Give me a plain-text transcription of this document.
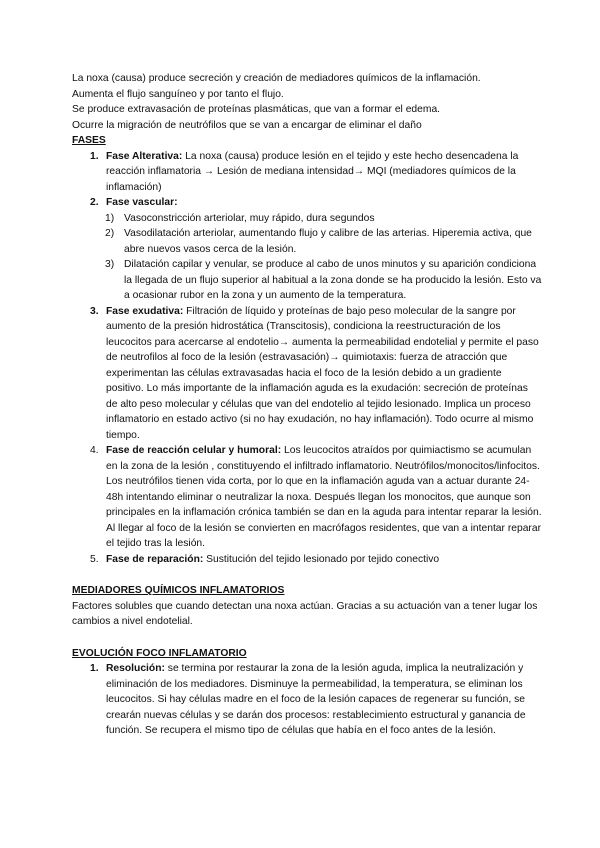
La noxa (causa) produce secreción y creación de mediadores químicos de la inflamación.

Aumenta el flujo sanguíneo y por tanto el flujo.

Se produce extravasación de proteínas plasmáticas, que van a formar el edema.

Ocurre la migración de neutrófilos que se van a encargar de eliminar el daño

FASES

1. Fase Alterativa: La noxa (causa) produce lesión en el tejido y este hecho desencadena la reacción inflamatoria → Lesión de mediana intensidad→ MQI (mediadores químicos de la inflamación)
2. Fase vascular:
1) Vasoconstricción arteriolar, muy rápido, dura segundos
2) Vasodilatación arteriolar, aumentando flujo y calibre de las arterias. Hiperemia activa, que abre nuevos vasos cerca de la lesión.
3) Dilatación capilar y venular, se produce al cabo de unos minutos y su aparición condiciona la llegada de un flujo superior al habitual a la zona donde se ha producido la lesión. Esto va a ocasionar rubor en la zona y un aumento de la temperatura.
3. Fase exudativa: Filtración de líquido y proteínas de bajo peso molecular de la sangre por aumento de la presión hidrostática (Transcitosis), condiciona la reestructuración de los leucocitos para acercarse al endotelio→ aumenta la permeabilidad endotelial y permite el paso de neutrofilos al foco de la lesión (estravasación)→ quimiotaxis: fuerza de atracción que experimentan las células extravasadas hacia el foco de la lesión debido a un gradiente positivo. Lo más importante de la inflamación aguda es la exudación: secreción de proteínas de alto peso molecular y células que van del endotelio al tejido lesionado. Implica un proceso inflamatorio en estado activo (si no hay exudación, no hay inflamación). Todo ocurre al mismo tiempo.
4. Fase de reacción celular y humoral: Los leucocitos atraídos por quimiactismo se acumulan en la zona de la lesión , constituyendo el infiltrado inflamatorio. Neutrófilos/monocitos/linfocitos. Los neutrófilos tienen vida corta, por lo que en la inflamación aguda van a actuar durante 24-48h intentando eliminar o neutralizar la noxa. Después llegan los monocitos, que aunque son principales en la inflamación crónica también se dan en la aguda para intentar reparar la lesión. Al llegar al foco de la lesión se convierten en macrófagos residentes, que van a intentar reparar el tejido tras la lesión.
5. Fase de reparación: Sustitución del tejido lesionado por tejido conectivo

MEDIADORES QUÍMICOS INFLAMATORIOS

Factores solubles que cuando detectan una noxa actúan. Gracias a su actuación van a tener lugar los cambios a nivel endotelial.

EVOLUCIÓN FOCO INFLAMATORIO

1. Resolución: se termina por restaurar la zona de la lesión aguda, implica la neutralización y eliminación de los mediadores. Disminuye la permeabilidad, la temperatura, se eliminan los leucocitos. Si hay células madre en el foco de la lesión capaces de regenerar su función, se crearán nuevas células y se darán dos procesos: restablecimiento estructural y ganancia de función. Se recupera el mismo tipo de células que había en el foco antes de la lesión.
